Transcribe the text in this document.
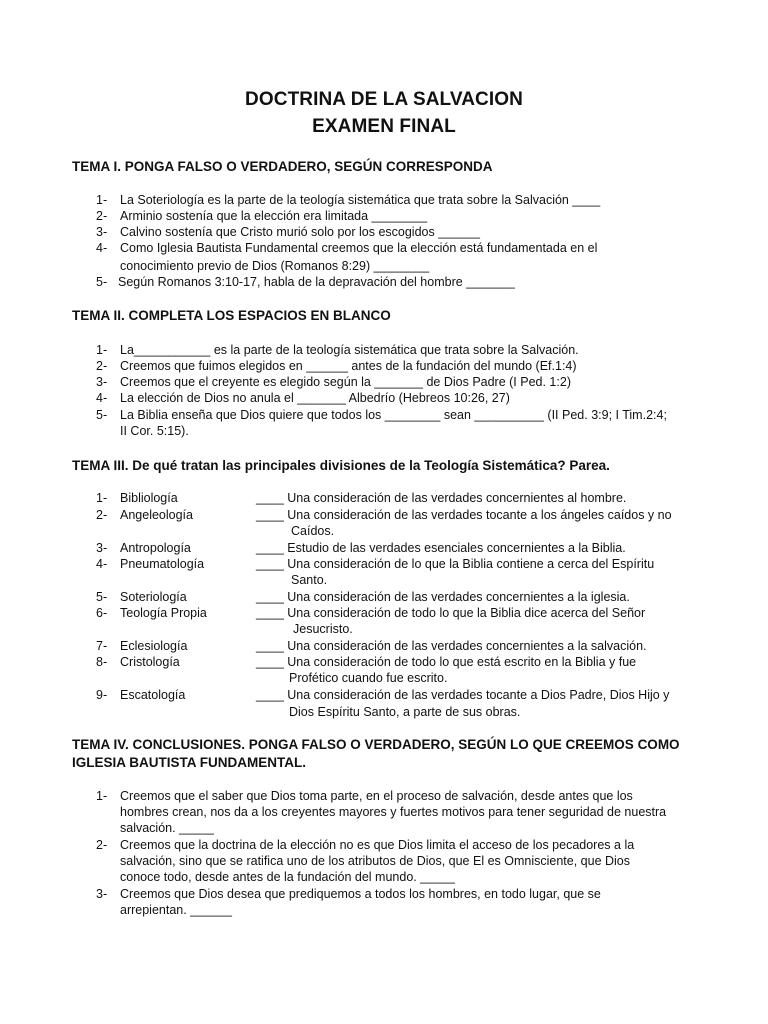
DOCTRINA DE LA SALVACION
EXAMEN FINAL
TEMA I. PONGA FALSO O VERDADERO, SEGÚN CORRESPONDA
1- La Soteriología es la parte de la teología sistemática que trata sobre la Salvación ____
2- Arminio sostenía que la elección era limitada ________
3- Calvino sostenía que Cristo murió solo por los escogidos ______
4- Como Iglesia Bautista Fundamental creemos que la elección está fundamentada en el
conocimiento previo de Dios (Romanos 8:29) ________
5- Según Romanos 3:10-17, habla de la depravación del hombre _______
TEMA II. COMPLETA LOS ESPACIOS EN BLANCO
1- La___________ es la parte de la teología sistemática que trata sobre la Salvación.
2- Creemos que fuimos elegidos en ______ antes de la fundación del mundo (Ef.1:4)
3- Creemos que el creyente es elegido según la _______ de Dios Padre (I Ped. 1:2)
4- La elección de Dios no anula el _______ Albedrío (Hebreos 10:26, 27)
5- La Biblia enseña que Dios quiere que todos los ________ sean __________ (II Ped. 3:9; I Tim.2:4;
II Cor. 5:15).
TEMA III. De qué tratan las principales divisiones de la Teología Sistemática? Parea.
1- Bibliología	____ Una consideración de las verdades concernientes al hombre.
2- Angeleología	____ Una consideración de las verdades tocante a los ángeles caídos y no
Caídos.
3- Antropología	____ Estudio de las verdades esenciales concernientes a la Biblia.
4- Pneumatología	____ Una consideración de lo que la Biblia contiene a cerca del Espíritu
Santo.
5- Soteriología	____ Una consideración de las verdades concernientes a la iglesia.
6- Teología Propia	____ Una consideración de todo lo que la Biblia dice acerca del Señor
Jesucristo.
7- Eclesiología	____ Una consideración de las verdades concernientes a la salvación.
8- Cristología	____ Una consideración de todo lo que está escrito en la Biblia y fue
Profético cuando fue escrito.
9- Escatología	____ Una consideración de las verdades tocante a Dios Padre, Dios Hijo y
Dios Espíritu Santo, a parte de sus obras.
TEMA IV. CONCLUSIONES. PONGA FALSO O VERDADERO, SEGÚN LO QUE CREEMOS COMO
IGLESIA BAUTISTA FUNDAMENTAL.
1- Creemos que el saber que Dios toma parte, en el proceso de salvación, desde antes que los
hombres crean, nos da a los creyentes mayores y fuertes motivos para tener seguridad de nuestra
salvación. _____
2- Creemos que la doctrina de la elección no es que Dios limita el acceso de los pecadores a la
salvación, sino que se ratifica uno de los atributos de Dios, que El es Omnisciente, que Dios
conoce todo, desde antes de la fundación del mundo. _____
3- Creemos que Dios desea que prediquemos a todos los hombres, en todo lugar, que se
arrepientan. ______
